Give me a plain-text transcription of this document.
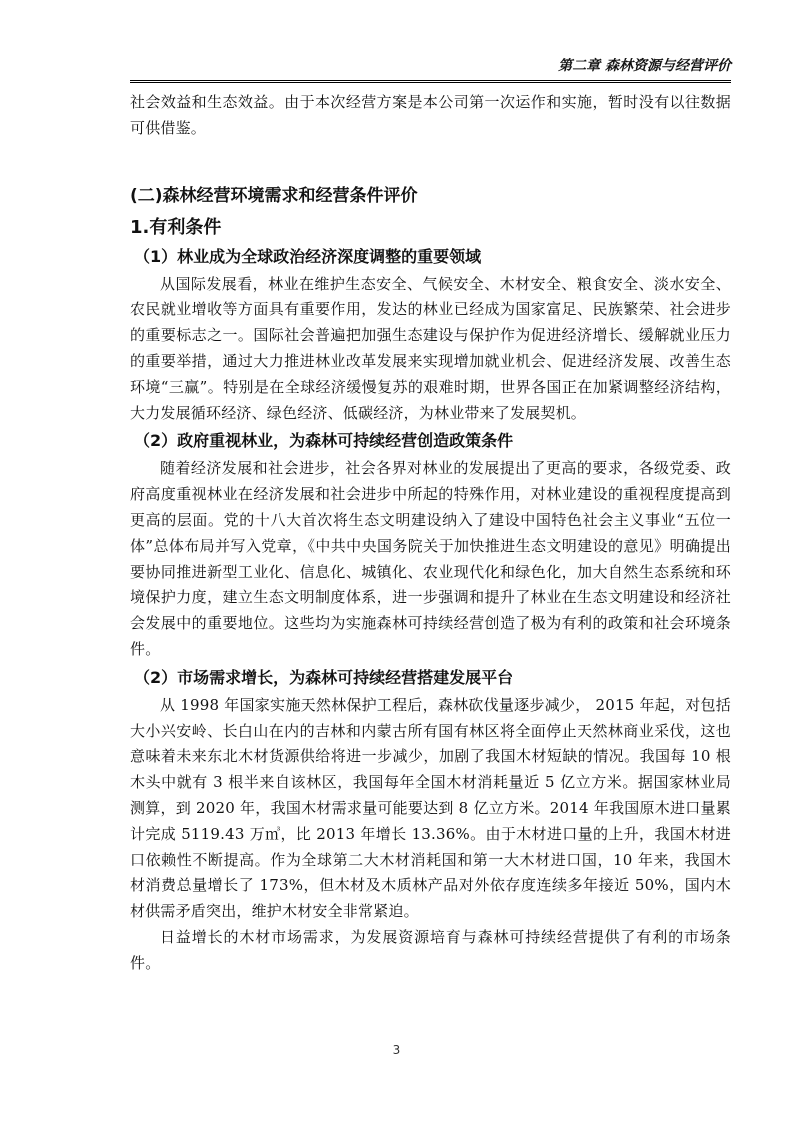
第二章 森林资源与经营评价

社会效益和生态效益。由于本次经营方案是本公司第一次运作和实施，暂时没有以往数据可供借鉴。

(二)森林经营环境需求和经营条件评价
1.有利条件
（1）林业成为全球政治经济深度调整的重要领域

从国际发展看，林业在维护生态安全、气候安全、木材安全、粮食安全、淡水安全、农民就业增收等方面具有重要作用，发达的林业已经成为国家富足、民族繁荣、社会进步的重要标志之一。国际社会普遍把加强生态建设与保护作为促进经济增长、缓解就业压力的重要举措，通过大力推进林业改革发展来实现增加就业机会、促进经济发展、改善生态环境“三赢”。特别是在全球经济缓慢复苏的艰难时期，世界各国正在加紧调整经济结构，大力发展循环经济、绿色经济、低碳经济，为林业带来了发展契机。

（2）政府重视林业，为森林可持续经营创造政策条件

随着经济发展和社会进步，社会各界对林业的发展提出了更高的要求，各级党委、政府高度重视林业在经济发展和社会进步中所起的特殊作用，对林业建设的重视程度提高到更高的层面。党的十八大首次将生态文明建设纳入了建设中国特色社会主义事业“五位一体”总体布局并写入党章，《中共中央国务院关于加快推进生态文明建设的意见》明确提出要协同推进新型工业化、信息化、城镇化、农业现代化和绿色化，加大自然生态系统和环境保护力度，建立生态文明制度体系，进一步强调和提升了林业在生态文明建设和经济社会发展中的重要地位。这些均为实施森林可持续经营创造了极为有利的政策和社会环境条件。

（2）市场需求增长，为森林可持续经营搭建发展平台

从 1998 年国家实施天然林保护工程后，森林砍伐量逐步减少， 2015 年起，对包括大小兴安岭、长白山在内的吉林和内蒙古所有国有林区将全面停止天然林商业采伐，这也意味着未来东北木材货源供给将进一步减少，加剧了我国木材短缺的情况。我国每 10 根木头中就有 3 根半来自该林区，我国每年全国木材消耗量近 5 亿立方米。据国家林业局测算，到 2020 年，我国木材需求量可能要达到 8 亿立方米。2014 年我国原木进口量累计完成 5119.43 万㎥，比 2013 年增长 13.36%。由于木材进口量的上升，我国木材进口依赖性不断提高。作为全球第二大木材消耗国和第一大木材进口国，10 年来，我国木材消费总量增长了 173%，但木材及木质林产品对外依存度连续多年接近 50%，国内木材供需矛盾突出，维护木材安全非常紧迫。

日益增长的木材市场需求，为发展资源培育与森林可持续经营提供了有利的市场条件。

3
